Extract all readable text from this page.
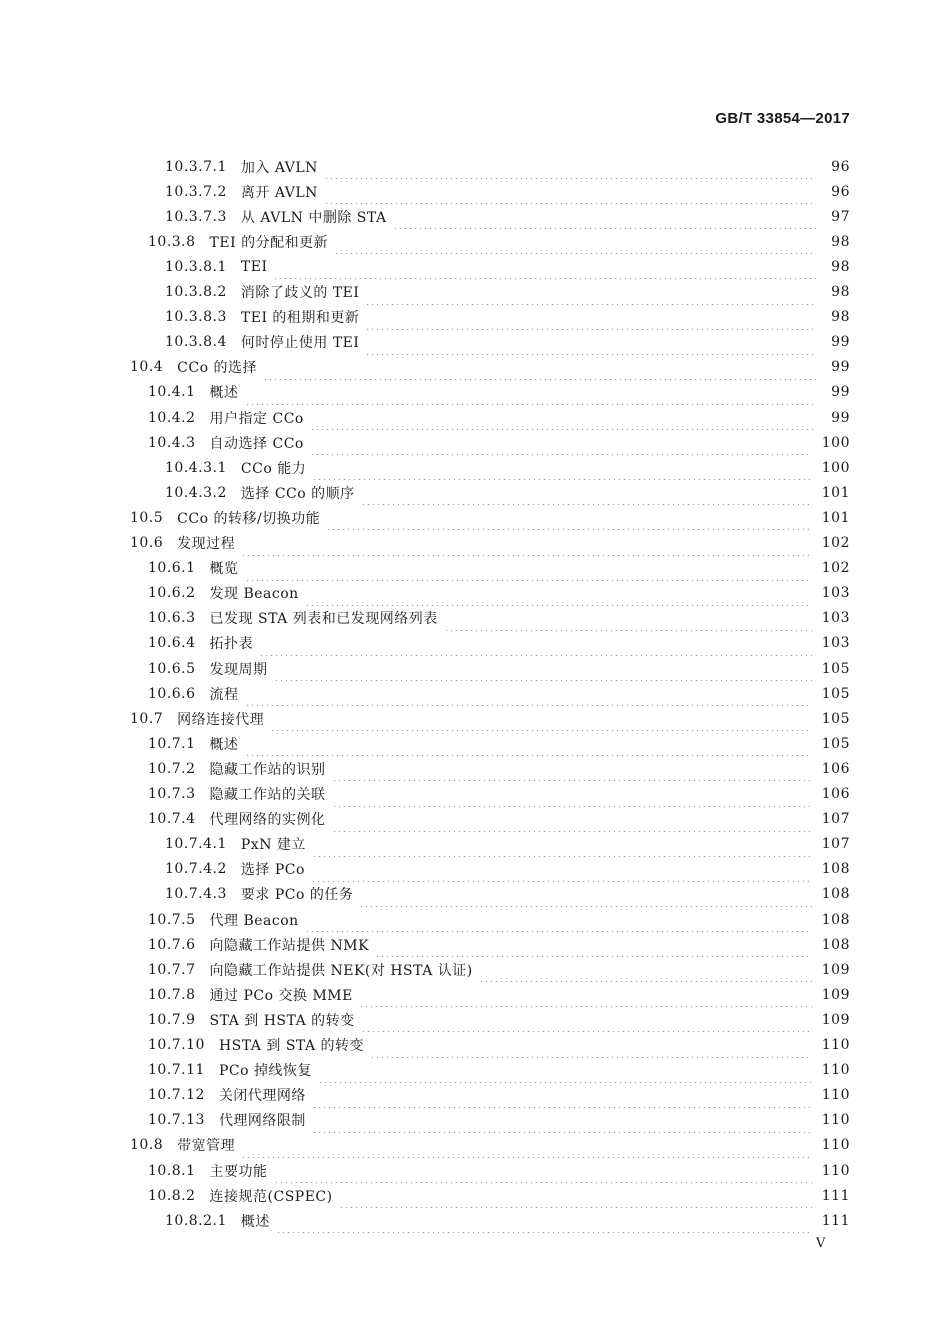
GB/T 33854—2017
10.3.7.1 加入 AVLN	96
10.3.7.2 离开 AVLN	96
10.3.7.3 从 AVLN 中删除 STA	97
10.3.8 TEI 的分配和更新	98
10.3.8.1 TEI	98
10.3.8.2 消除了歧义的 TEI	98
10.3.8.3 TEI 的租期和更新	98
10.3.8.4 何时停止使用 TEI	99
10.4 CCo 的选择	99
10.4.1 概述	99
10.4.2 用户指定 CCo	99
10.4.3 自动选择 CCo	100
10.4.3.1 CCo 能力	100
10.4.3.2 选择 CCo 的顺序	101
10.5 CCo 的转移/切换功能	101
10.6 发现过程	102
10.6.1 概览	102
10.6.2 发现 Beacon	103
10.6.3 已发现 STA 列表和已发现网络列表	103
10.6.4 拓扑表	103
10.6.5 发现周期	105
10.6.6 流程	105
10.7 网络连接代理	105
10.7.1 概述	105
10.7.2 隐藏工作站的识别	106
10.7.3 隐藏工作站的关联	106
10.7.4 代理网络的实例化	107
10.7.4.1 PxN 建立	107
10.7.4.2 选择 PCo	108
10.7.4.3 要求 PCo 的任务	108
10.7.5 代理 Beacon	108
10.7.6 向隐藏工作站提供 NMK	108
10.7.7 向隐藏工作站提供 NEK(对 HSTA 认证)	109
10.7.8 通过 PCo 交换 MME	109
10.7.9 STA 到 HSTA 的转变	109
10.7.10 HSTA 到 STA 的转变	110
10.7.11 PCo 掉线恢复	110
10.7.12 关闭代理网络	110
10.7.13 代理网络限制	110
10.8 带宽管理	110
10.8.1 主要功能	110
10.8.2 连接规范(CSPEC)	111
10.8.2.1 概述	111
V
